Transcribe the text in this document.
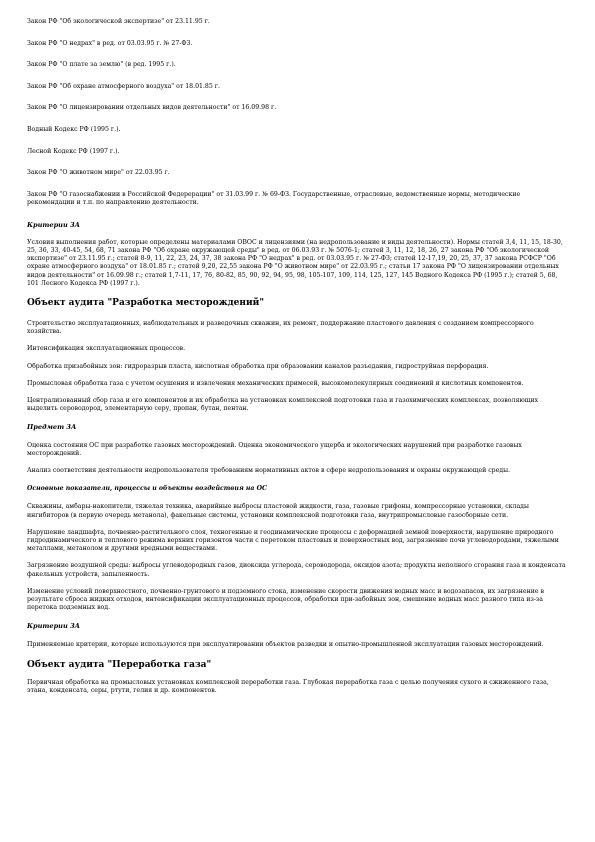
Закон РФ "Об экологической экспертизе" от 23.11.95 г.

Закон РФ "О недрах" в ред. от 03.03.95 г. № 27-ФЗ.

Закон РФ "О плате за землю" (в ред. 1995 г.).

Закон РФ "Об охране атмосферного воздуха" от 18.01.85 г.

Закон РФ "О лицензировании отдельных видов деятельности" от 16.09.98 г.

Водный Кодекс РФ (1995 г.).

Лесной Кодекс РФ (1997 г.).

Закон РФ "О животном мире" от 22.03.95 г.

Закон РФ "О газоснабжении в Российской Федерерации" от 31.03.99 г. № 69-ФЗ. Государственные, отраслевые, ведомственные нормы, методические рекомендации и т.п. по направлению деятельности.

Критерии 3А

Условия выполнения работ, которые определены материалами ОВОС и лицензиями (на недропользование и виды деятельности). Нормы статей 3,4, 11, 15, 18-30, 25, 36, 33, 40-45, 54, 68, 71 закона РФ "Об охране окружающей среды" в ред. от 06.03.93 г. № 5076-1; статей 3, 11, 12, 18, 26, 27 закона РФ "Об экологической экспертизе" от 23.11.95 г.; статей 8-9, 11, 22, 23, 24, 37, 38 закона РФ "О недрах" в ред. от 03.03.95 г. № 27-ФЗ; статей 12-17,19, 20, 25, 37, 37 закона РСФСР "Об охране атмосферного воздуха" от 18.01.85 г.; статей 9,20, 22,55 закона РФ "О животном мире" от 22.03.95 г.; статьи 17 закона РФ "О лицензировании отдельных видов деятельности" от 16.09.98 г.; статей 1,7-11, 17, 76, 80-82, 85, 90, 92, 94, 95, 98, 105-107, 109, 114, 125, 127, 145 Водного Кодекса РФ (1995 г.); статей 5, 68, 101 Лесного Кодекса РФ (1997 г.).

Объект аудита "Разработка месторождений"

Строительство эксплуатационных, наблюдательных и разведочных скважин, их ремонт, поддержание пластового давления с созданием компрессорного хозяйства.

Интенсификация эксплуатационных процессов.

Обработка призабойных зон: гидроразрыв пласта, кислотная обработка при образовании каналов разъедания, гидроструйная перфорация.

Промысловая обработка газа с учетом осушения и извлечения механических примесей, высокомолекулярных соединений и кислотных компонентов.

Централизованный сбор газа и его компонентов и их обработка на установках комплексной подготовки газа и газохимических комплексах, позволяющих выделить сероводород, элементарную серу, пропан, бутан, пентан.

Предмет 3А

Оценка состояния ОС при разработке газовых месторождений. Оценка экономического ущерба и экологических нарушений при разработке газовых месторождений.

Анализ соответствия деятельности недропользователя требованиям нормативных актов в сфере недропользования и охраны окружающей среды.

Основные показатели, процессы и объекты воздействия на ОС

Скважины, амбары-накопители, тяжелая техника, аварийные выбросы пластовой жидкости, газа, газовые грифоны, компрессорные установки, склады ингибиторов (в первую очередь метанола), факельные системы, установки комплексной подготовки газа, внутрипромысловые газосборные сети.

Нарушение ландшафта, почвенно-растительного слоя, техногенные и геодинамические процессы с деформацией земной поверхности, нарушение природного гидродинамического и теплового режима верхних горизонтов части с перетоком пластовых и поверхностных вод, загрязнение почв углеводородами, тяжелыми металлами, метанолом и другими вредными веществами.

Загрязнение воздушной среды: выбросы углеводородных газов, диоксида углерода, сероводорода, оксидов азота; продукты неполного сгорания газа и конденсата факельных устройств, запыленность.

Изменение условий поверхностного, почвенно-грунтового и подземного стока, изменение скорости движения водных масс и водозапасов, их загрязнение в результате сброса жидких отходов, интенсификации эксплуатационных процессов, обработки при-забойных зон, смешение водных масс разного типа из-за перетока подземных вод.

Критерии 3А

Применяемые критерии, которые используются при эксплуатировании объектов разведки и опытно-промышленной эксплуатации газовых месторождений.

Объект аудита "Переработка газа"

Первичная обработка на промысловых установках комплексной переработки газа. Глубокая переработка газа с целью получения сухого и сжиженного газа, этана, конденсата, серы, ртути, гелия и др. компонентов.
